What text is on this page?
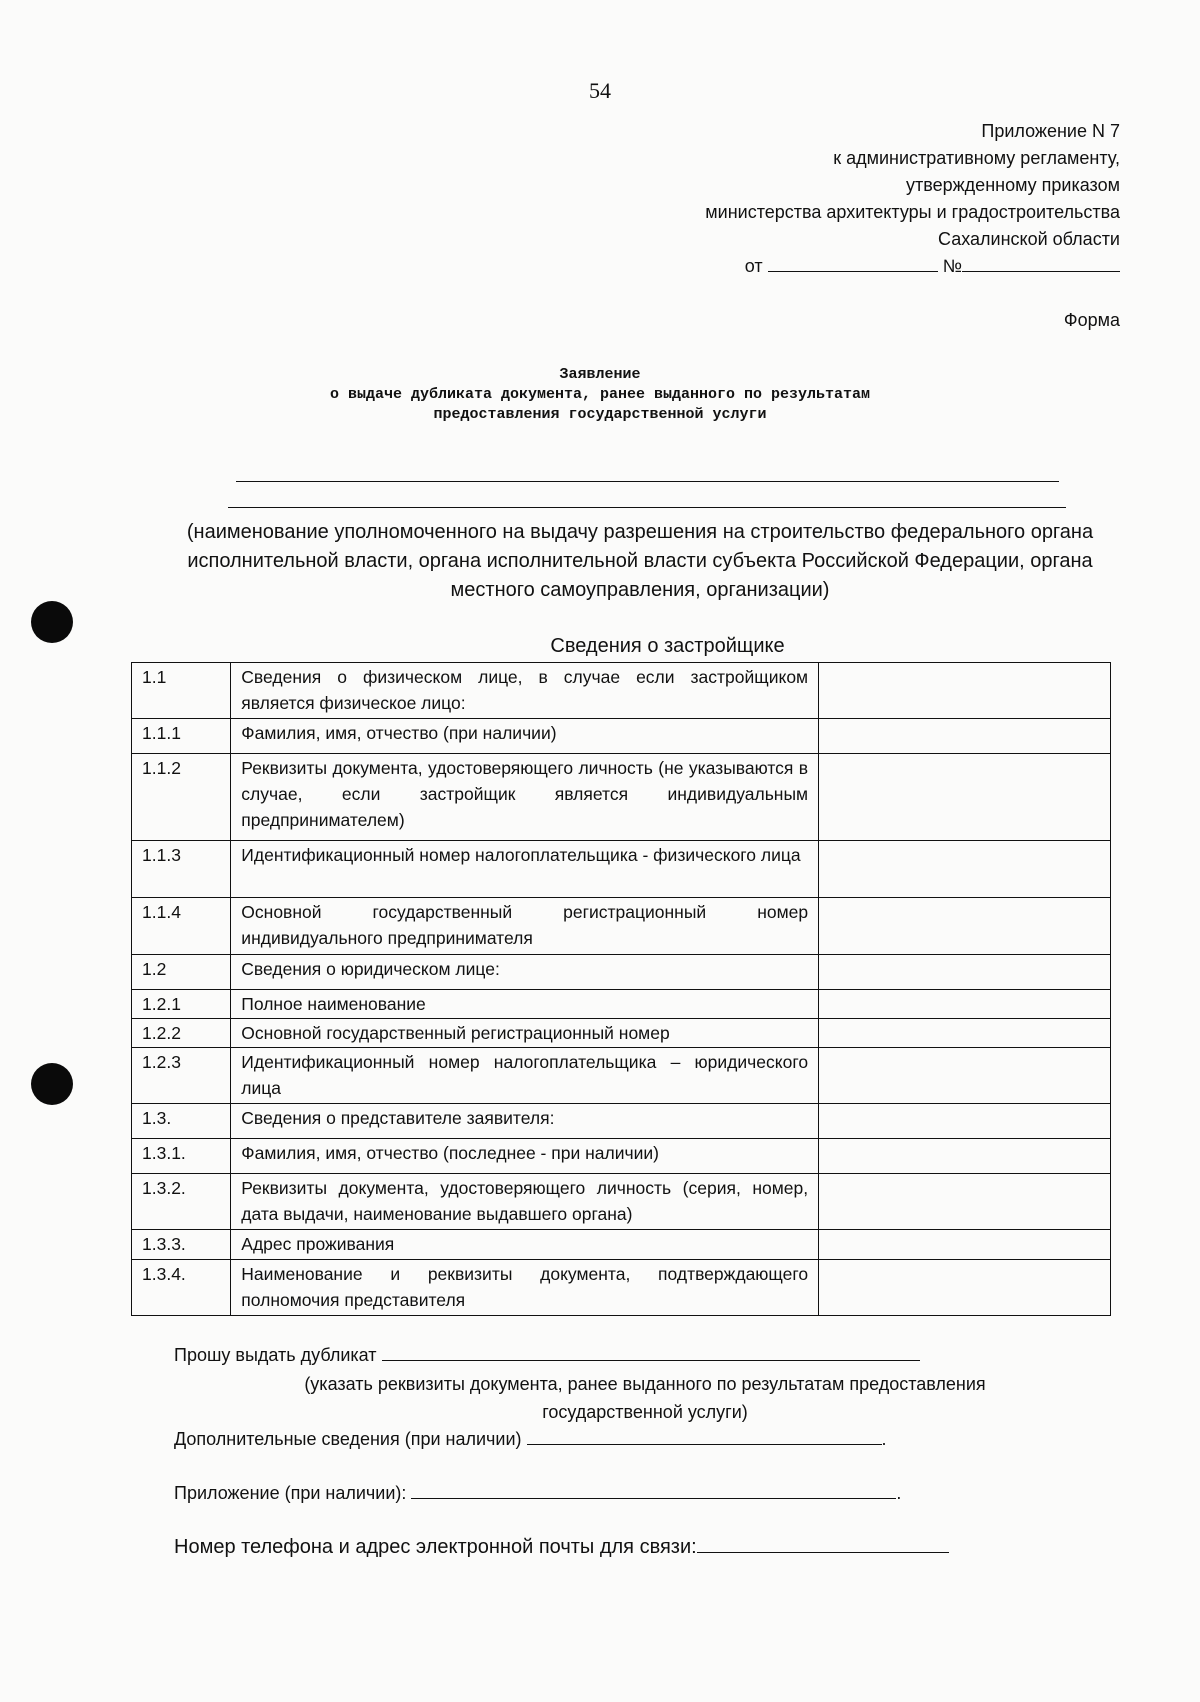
54
Приложение N 7
к административному регламенту,
утвержденному приказом
министерства архитектуры и градостроительства
Сахалинской области
от	№
Форма
Заявление
о выдаче дубликата документа, ранее выданного по результатам
предоставления государственной услуги
(наименование уполномоченного на выдачу разрешения на строительство федерального органа исполнительной власти, органа исполнительной власти субъекта Российской Федерации, органа местного самоуправления, организации)
Сведения о застройщике
1.1	Сведения о физическом лице, в случае если застройщиком является физическое лицо:	
1.1.1	Фамилия, имя, отчество (при наличии)	
1.1.2	Реквизиты документа, удостоверяющего личность (не указываются в случае, если застройщик является индивидуальным предпринимателем)	
1.1.3	Идентификационный номер налогоплательщика - физического лица	
1.1.4	Основной государственный регистрационный номер индивидуального предпринимателя	
1.2	Сведения о юридическом лице:	
1.2.1	Полное наименование	
1.2.2	Основной государственный регистрационный номер	
1.2.3	Идентификационный номер налогоплательщика – юридического лица	
1.3.	Сведения о представителе заявителя:	
1.3.1.	Фамилия, имя, отчество (последнее - при наличии)	
1.3.2.	Реквизиты документа, удостоверяющего личность (серия, номер, дата выдачи, наименование выдавшего органа)	
1.3.3.	Адрес проживания	
1.3.4.	Наименование и реквизиты документа, подтверждающего полномочия представителя	
Прошу выдать дубликат
(указать реквизиты документа, ранее выданного по результатам предоставления государственной услуги)
Дополнительные сведения (при наличии)	.
Приложение (при наличии):	.
Номер телефона и адрес электронной почты для связи:
